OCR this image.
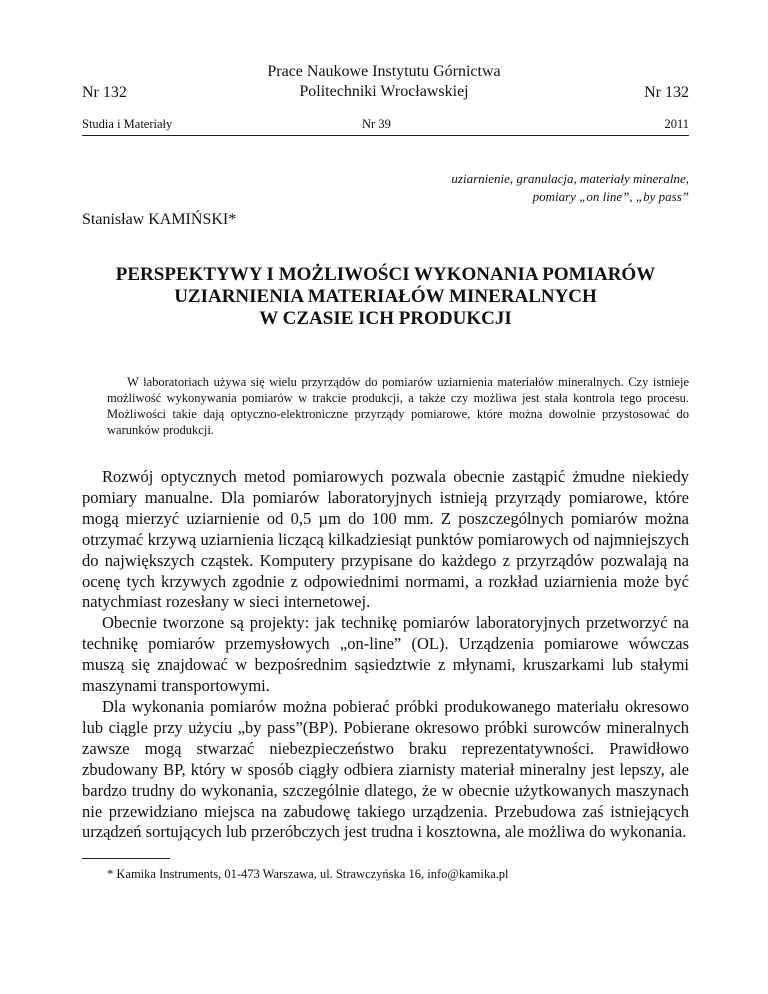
Nr 132
Prace Naukowe Instytutu Górnictwa
Politechniki Wrocławskiej	Nr 132
Studia i Materiały	Nr 39	2011
uziarnienie, granulacja, materiały mineralne,
pomiary „on line”, „by pass”
Stanisław KAMIŃSKI*
PERSPEKTYWY I MOŻLIWOŚCI WYKONANIA POMIARÓW
UZIARNIENIA MATERIAŁÓW MINERALNYCH
W CZASIE ICH PRODUKCJI

W laboratoriach używa się wielu przyrządów do pomiarów uziarnienia materiałów mineralnych. Czy istnieje możliwość wykonywania pomiarów w trakcie produkcji, a także czy możliwa jest stała kontrola tego procesu. Możliwości takie dają optyczno-elektroniczne przyrządy pomiarowe, które można dowolnie przystosować do warunków produkcji.

Rozwój optycznych metod pomiarowych pozwala obecnie zastąpić żmudne niekiedy pomiary manualne. Dla pomiarów laboratoryjnych istnieją przyrządy pomiarowe, które mogą mierzyć uziarnienie od 0,5 µm do 100 mm. Z poszczególnych pomiarów można otrzymać krzywą uziarnienia liczącą kilkadziesiąt punktów pomiarowych od najmniejszych do największych cząstek. Komputery przypisane do każdego z przyrządów pozwalają na ocenę tych krzywych zgodnie z odpowiednimi normami, a rozkład uziarnienia może być natychmiast rozesłany w sieci internetowej.

Obecnie tworzone są projekty: jak technikę pomiarów laboratoryjnych przetworzyć na technikę pomiarów przemysłowych „on-line” (OL). Urządzenia pomiarowe wówczas muszą się znajdować w bezpośrednim sąsiedztwie z młynami, kruszarkami lub stałymi maszynami transportowymi.

Dla wykonania pomiarów można pobierać próbki produkowanego materiału okresowo lub ciągle przy użyciu „by pass”(BP). Pobierane okresowo próbki surowców mineralnych zawsze mogą stwarzać niebezpieczeństwo braku reprezentatywności. Prawidłowo zbudowany BP, który w sposób ciągły odbiera ziarnisty materiał mineralny jest lepszy, ale bardzo trudny do wykonania, szczególnie dlatego, że w obecnie użytkowanych maszynach nie przewidziano miejsca na zabudowę takiego urządzenia. Przebudowa zaś istniejących urządzeń sortujących lub przeróbczych jest trudna i kosztowna, ale możliwa do wykonania.

* Kamika Instruments, 01-473 Warszawa, ul. Strawczyńska 16, info@kamika.pl
